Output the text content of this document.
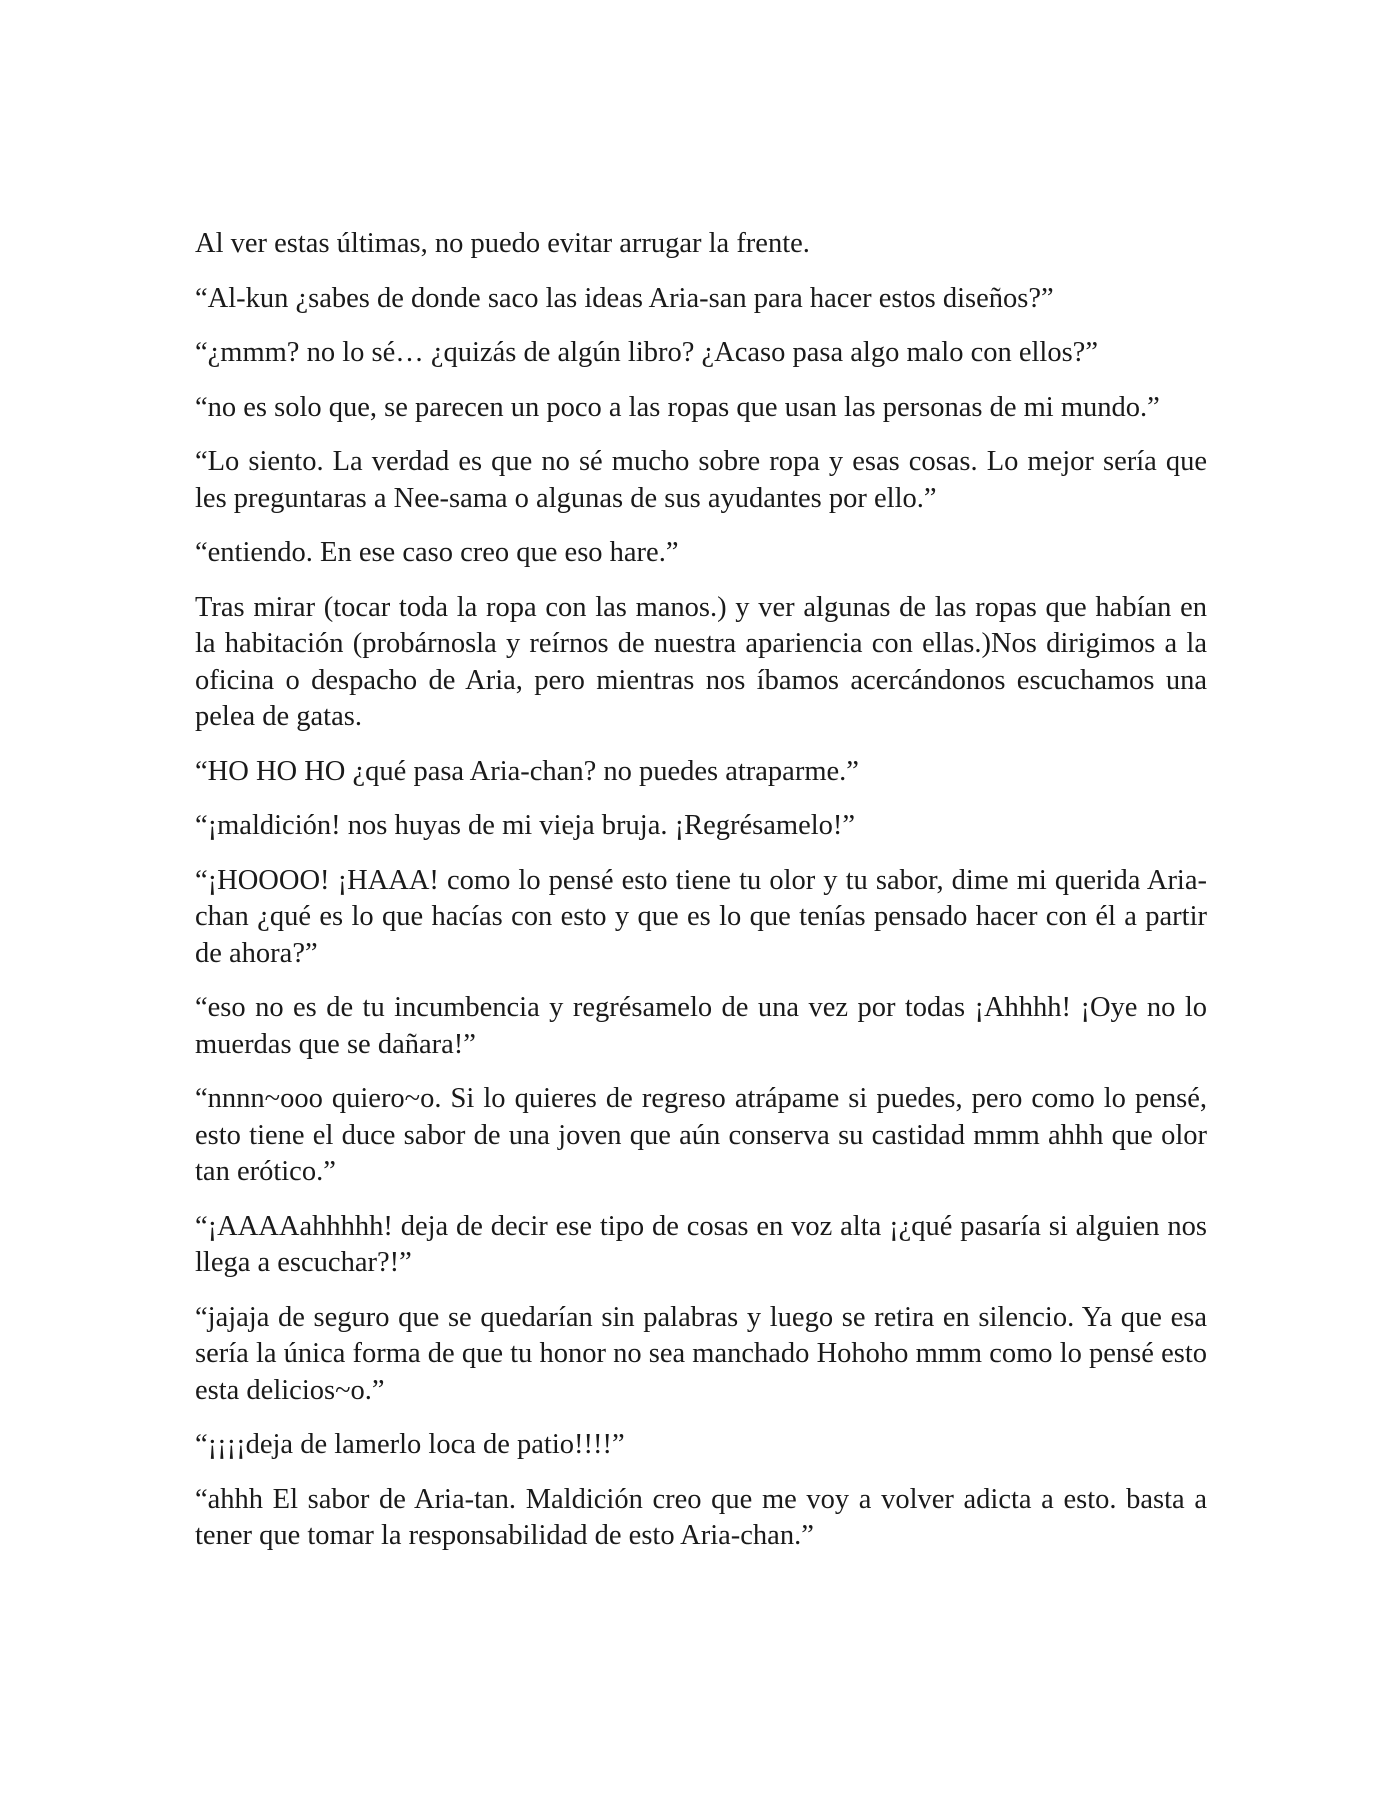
Al ver estas últimas, no puedo evitar arrugar la frente.

“Al-kun ¿sabes de donde saco las ideas Aria-san para hacer estos diseños?”

“¿mmm? no lo sé… ¿quizás de algún libro? ¿Acaso pasa algo malo con ellos?”

“no es solo que, se parecen un poco a las ropas que usan las personas de mi mundo.”

“Lo siento. La verdad es que no sé mucho sobre ropa y esas cosas. Lo mejor sería que les preguntaras a Nee-sama o algunas de sus ayudantes por ello.”

“entiendo. En ese caso creo que eso hare.”

Tras mirar (tocar toda la ropa con las manos.) y ver algunas de las ropas que habían en la habitación (probárnosla y reírnos de nuestra apariencia con ellas.)Nos dirigimos a la oficina o despacho de Aria, pero mientras nos íbamos acercándonos escuchamos una pelea de gatas.

“HO HO HO ¿qué pasa Aria-chan? no puedes atraparme.”

“¡maldición! nos huyas de mi vieja bruja. ¡Regrésamelo!”

“¡HOOOO! ¡HAAA! como lo pensé esto tiene tu olor y tu sabor, dime mi querida Aria-chan ¿qué es lo que hacías con esto y que es lo que tenías pensado hacer con él a partir de ahora?”

“eso no es de tu incumbencia y regrésamelo de una vez por todas ¡Ahhhh! ¡Oye no lo muerdas que se dañara!”

“nnnn~ooo quiero~o. Si lo quieres de regreso atrápame si puedes, pero como lo pensé, esto tiene el duce sabor de una joven que aún conserva su castidad mmm ahhh que olor tan erótico.”

“¡AAAAahhhhh! deja de decir ese tipo de cosas en voz alta ¡¿qué pasaría si alguien nos llega a escuchar?!”

“jajaja de seguro que se quedarían sin palabras y luego se retira en silencio. Ya que esa sería la única forma de que tu honor no sea manchado Hohoho mmm como lo pensé esto esta delicios~o.”

“¡¡¡¡deja de lamerlo loca de patio!!!!”

“ahhh El sabor de Aria-tan. Maldición creo que me voy a volver adicta a esto. basta a tener que tomar la responsabilidad de esto Aria-chan.”
